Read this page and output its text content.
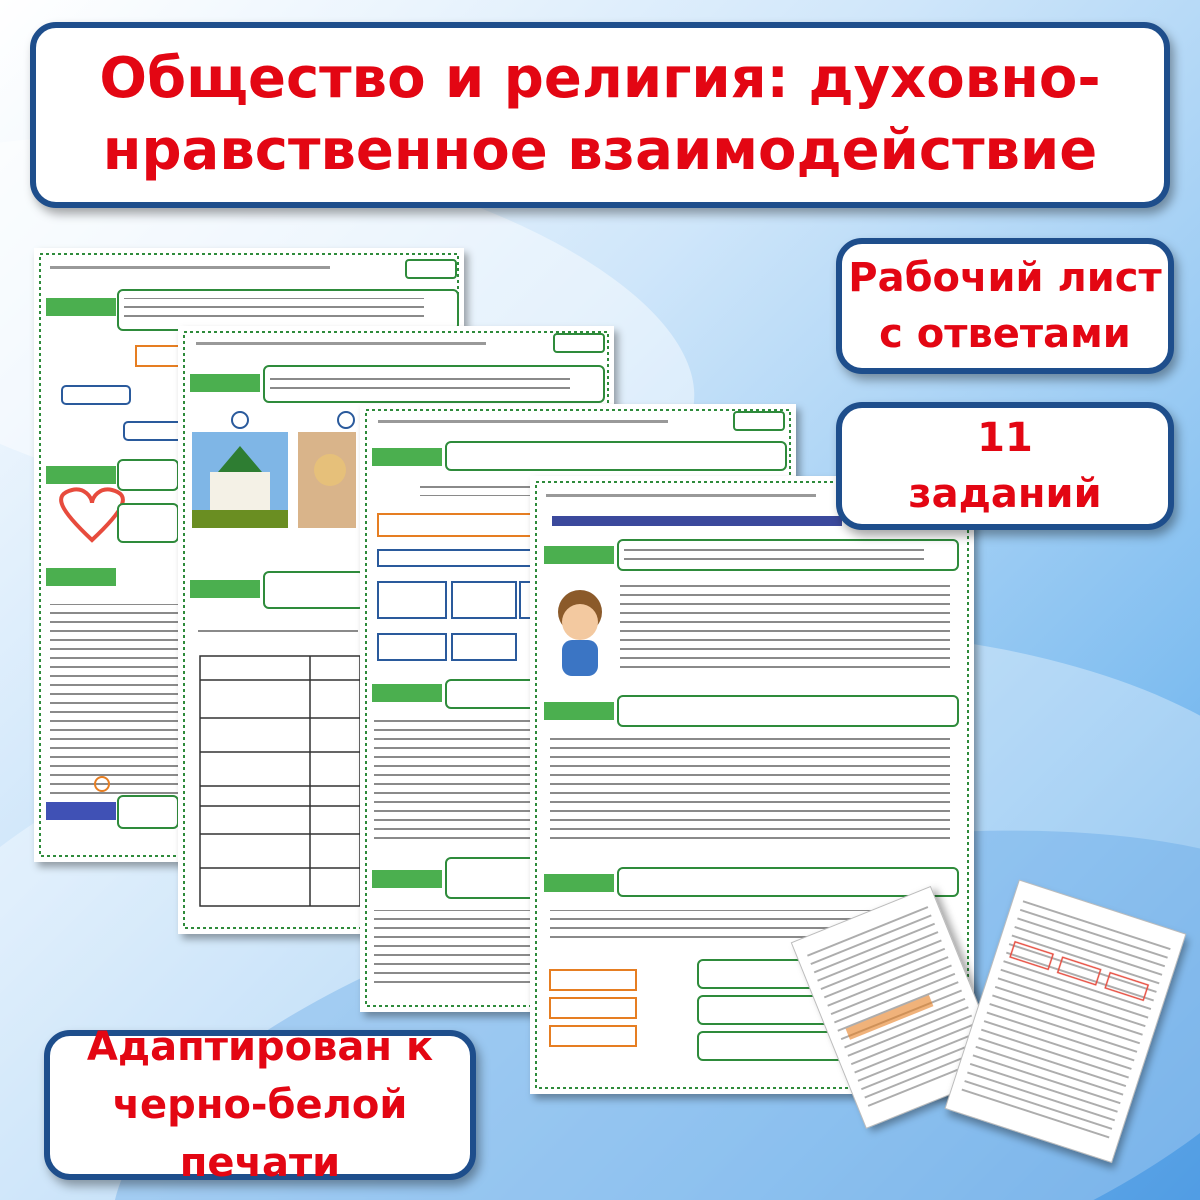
Общество и религия: духовно-
нравственное взаимодействие
Рабочий лист
с ответами
11
заданий
Адаптирован к
черно-белой печати
